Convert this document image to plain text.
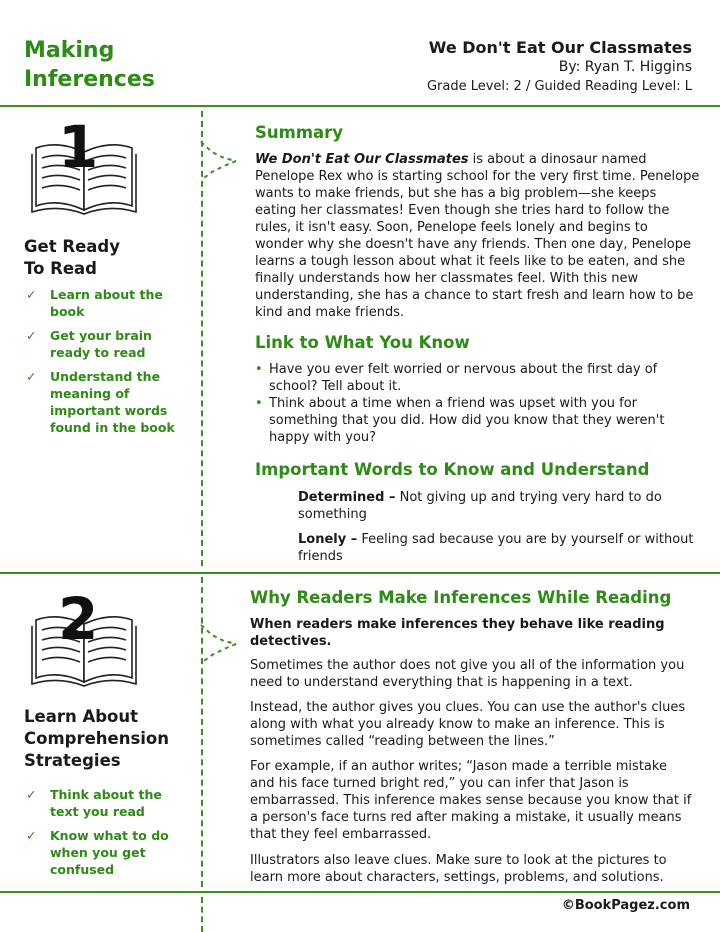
Making
Inferences
We Don't Eat Our Classmates
By: Ryan T. Higgins
Grade Level: 2 / Guided Reading Level: L
1
Get Ready
To Read
✓ Learn about the book
✓ Get your brain ready to read
✓ Understand the meaning of important words found in the book
Summary

We Don't Eat Our Classmates is about a dinosaur named Penelope Rex who is starting school for the very first time. Penelope wants to make friends, but she has a big problem—she keeps eating her classmates! Even though she tries hard to follow the rules, it isn't easy. Soon, Penelope feels lonely and begins to wonder why she doesn't have any friends. Then one day, Penelope learns a tough lesson about what it feels like to be eaten, and she finally understands how her classmates feel. With this new understanding, she has a chance to start fresh and learn how to be kind and make friends.

Link to What You Know
• Have you ever felt worried or nervous about the first day of school? Tell about it.
• Think about a time when a friend was upset with you for something that you did. How did you know that they weren't happy with you?
Important Words to Know and Understand

Determined – Not giving up and trying very hard to do something

Lonely – Feeling sad because you are by yourself or without friends

2
Learn About
Comprehension
Strategies
✓ Think about the text you read
✓ Know what to do when you get confused
Why Readers Make Inferences While Reading

When readers make inferences they behave like reading detectives.

Sometimes the author does not give you all of the information you need to understand everything that is happening in a text.

Instead, the author gives you clues. You can use the author's clues along with what you already know to make an inference. This is sometimes called “reading between the lines.”

For example, if an author writes; “Jason made a terrible mistake and his face turned bright red,” you can infer that Jason is embarrassed. This inference makes sense because you know that if a person's face turns red after making a mistake, it usually means that they feel embarrassed.

Illustrators also leave clues. Make sure to look at the pictures to learn more about characters, settings, problems, and solutions.

©BookPagez.com
